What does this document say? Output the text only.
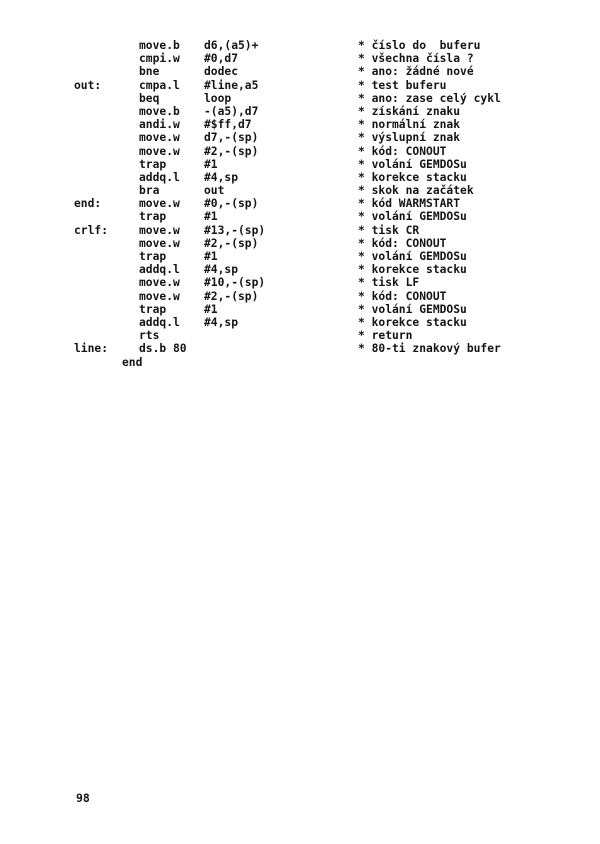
move.b d6,(a5)+	* číslo do  buferu
cmpi.w #0,d7	* všechna čísla ?
bne	dodec	* ano: žádné nové
out:	cmpa.l #line,a5	* test buferu
beq	loop	* ano: zase celý cykl
move.b -(a5),d7	* získání znaku
andi.w #$ff,d7	* normální znak
move.w d7,-(sp)	* výslupní znak
move.w #2,-(sp)	* kód: CONOUT
trap	#1	* volání GEMDOSu
addq.l #4,sp	* korekce stacku
bra	out	* skok na začátek
end:	move.w #0,-(sp)	* kód WARMSTART
trap	#1	* volání GEMDOSu
crlf:	move.w #13,-(sp)	* tisk CR
move.w #2,-(sp)	* kód: CONOUT
trap	#1	* volání GEMDOSu
addq.l #4,sp	* korekce stacku
move.w #10,-(sp)	* tisk LF
move.w #2,-(sp)	* kód: CONOUT
trap	#1	* volání GEMDOSu
addq.l #4,sp	* korekce stacku
rts	* return
line:	ds.b 80	* 80-ti znakový bufer
end
98
